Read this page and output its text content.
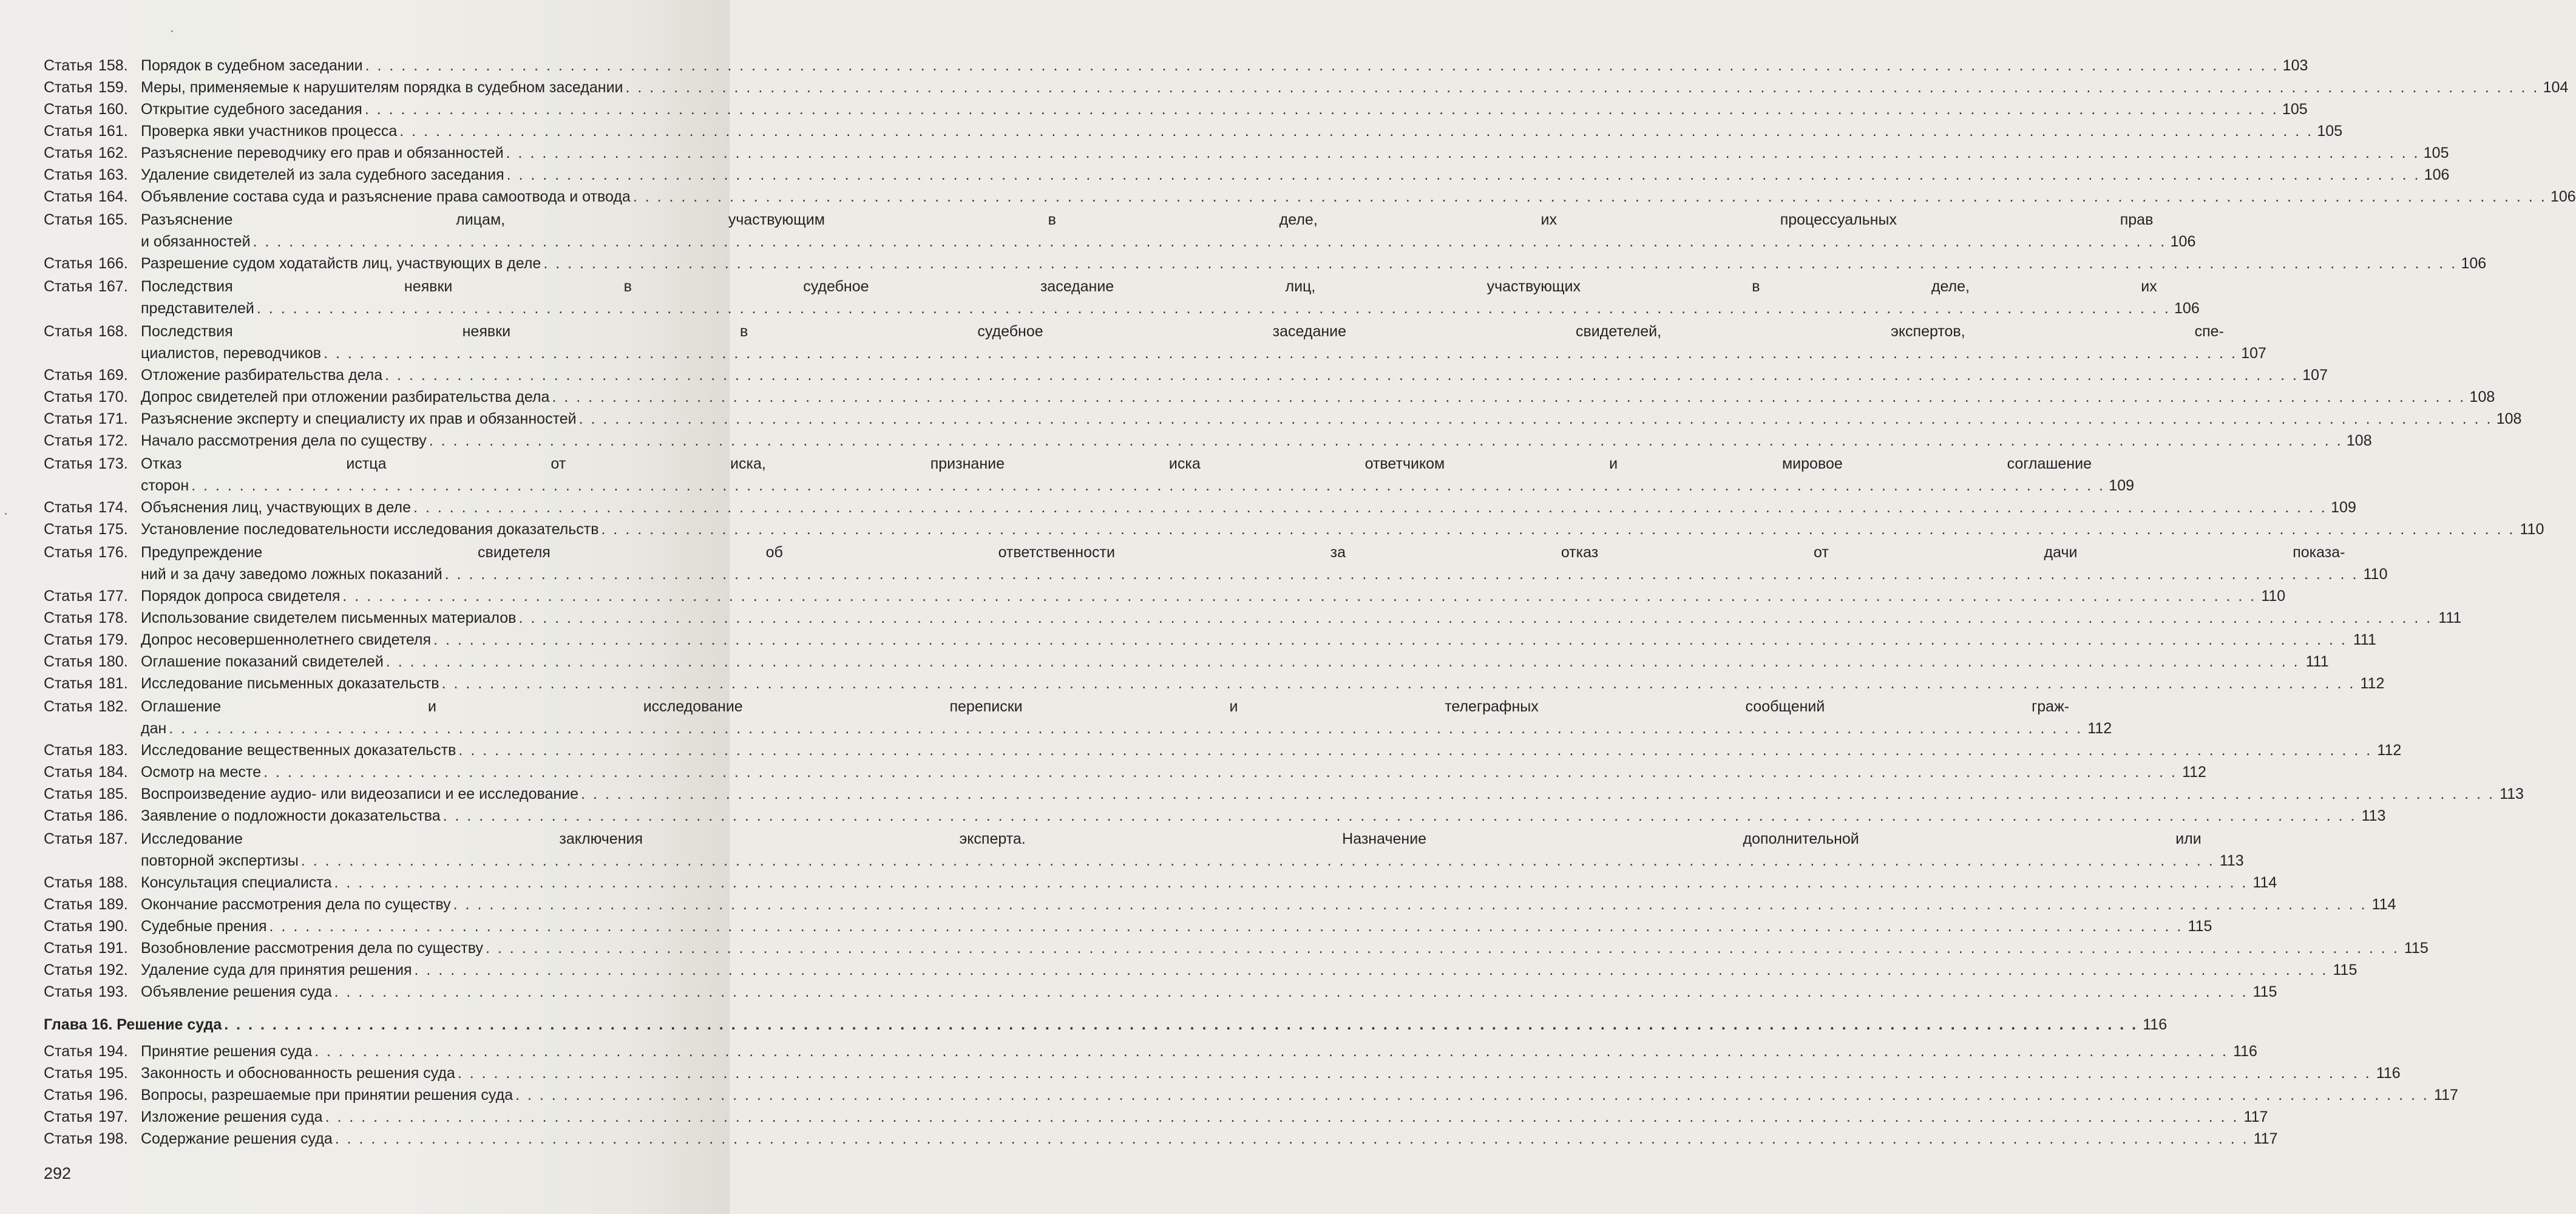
Статья 158. Порядок в судебном заседании . . .	103
Статья 159. Меры, применяемые к нарушителям порядка в судебном заседании . . .	104
Статья 160. Открытие судебного заседания . . .	105
Статья 161. Проверка явки участников процесса . . .	105
Статья 162. Разъяснение переводчику его прав и обязанностей . . .	105
Статья 163. Удаление свидетелей из зала судебного заседания . . .	106
Статья 164. Объявление состава суда и разъяснение права самоотвода и отвода . . .	106
Статья 165. Разъяснение лицам, участвующим в деле, их процессуальных прав
и обязанностей . . .	106
Статья 166. Разрешение судом ходатайств лиц, участвующих в деле . . .	106
Статья 167. Последствия неявки в судебное заседание лиц, участвующих в деле, их
представителей . . .	106
Статья 168. Последствия неявки в судебное заседание свидетелей, экспертов, спе-
циалистов, переводчиков . . .	107
Статья 169. Отложение разбирательства дела . . .	107
Статья 170. Допрос свидетелей при отложении разбирательства дела . . .	108
Статья 171. Разъяснение эксперту и специалисту их прав и обязанностей . . .	108
Статья 172. Начало рассмотрения дела по существу . . .	108
Статья 173. Отказ истца от иска, признание иска ответчиком и мировое соглашение
сторон . . .	109
Статья 174. Объяснения лиц, участвующих в деле . . .	109
Статья 175. Установление последовательности исследования доказательств . . .	110
Статья 176. Предупреждение свидетеля об ответственности за отказ от дачи показа-
ний и за дачу заведомо ложных показаний . . .	110
Статья 177. Порядок допроса свидетеля . . .	110
Статья 178. Использование свидетелем письменных материалов . . .	111
Статья 179. Допрос несовершеннолетнего свидетеля . . .	111
Статья 180. Оглашение показаний свидетелей . . .	111
Статья 181. Исследование письменных доказательств . . .	112
Статья 182. Оглашение и исследование переписки и телеграфных сообщений граж-
дан . . .	112
Статья 183. Исследование вещественных доказательств . . .	112
Статья 184. Осмотр на месте . . .	112
Статья 185. Воспроизведение аудио- или видеозаписи и ее исследование . . .	113
Статья 186. Заявление о подложности доказательства . . .	113
Статья 187. Исследование заключения эксперта. Назначение дополнительной или
повторной экспертизы . . .	113
Статья 188. Консультация специалиста . . .	114
Статья 189. Окончание рассмотрения дела по существу . . .	114
Статья 190. Судебные прения . . .	115
Статья 191. Возобновление рассмотрения дела по существу . . .	115
Статья 192. Удаление суда для принятия решения . . .	115
Статья 193. Объявление решения суда . . .	115
Глава 16. Решение суда . . .	116
Статья 194. Принятие решения суда . . .	116
Статья 195. Законность и обоснованность решения суда . . .	116
Статья 196. Вопросы, разрешаемые при принятии решения суда . . .	117
Статья 197. Изложение решения суда . . .	117
Статья 198. Содержание решения суда . . .	117
292
